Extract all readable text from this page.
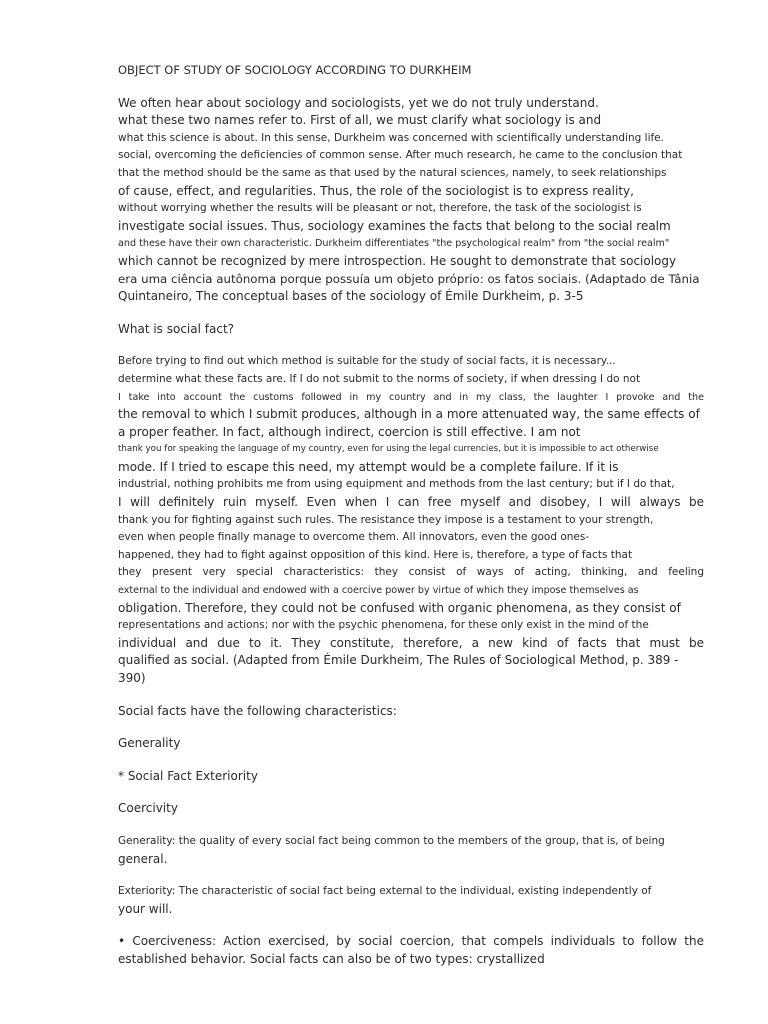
OBJECT OF STUDY OF SOCIOLOGY ACCORDING TO DURKHEIM
We often hear about sociology and sociologists, yet we do not truly understand.
what these two names refer to. First of all, we must clarify what sociology is and
what this science is about. In this sense, Durkheim was concerned with scientifically understanding life.
social, overcoming the deficiencies of common sense. After much research, he came to the conclusion that
that the method should be the same as that used by the natural sciences, namely, to seek relationships
of cause, effect, and regularities. Thus, the role of the sociologist is to express reality,
without worrying whether the results will be pleasant or not, therefore, the task of the sociologist is
investigate social issues. Thus, sociology examines the facts that belong to the social realm
and these have their own characteristic. Durkheim differentiates "the psychological realm" from "the social realm"
which cannot be recognized by mere introspection. He sought to demonstrate that sociology
era uma ciência autônoma porque possuía um objeto próprio: os fatos sociais. (Adaptado de Tânia
Quintaneiro, The conceptual bases of the sociology of Émile Durkheim, p. 3-5
What is social fact?
Before trying to find out which method is suitable for the study of social facts, it is necessary...
determine what these facts are. If I do not submit to the norms of society, if when dressing I do not
I take into account the customs followed in my country and in my class, the laughter I provoke and the
the removal to which I submit produces, although in a more attenuated way, the same effects of
a proper feather. In fact, although indirect, coercion is still effective. I am not
thank you for speaking the language of my country, even for using the legal currencies, but it is impossible to act otherwise
mode. If I tried to escape this need, my attempt would be a complete failure. If it is
industrial, nothing prohibits me from using equipment and methods from the last century; but if I do that,
I will definitely ruin myself. Even when I can free myself and disobey, I will always be
thank you for fighting against such rules. The resistance they impose is a testament to your strength,
even when people finally manage to overcome them. All innovators, even the good ones-
happened, they had to fight against opposition of this kind. Here is, therefore, a type of facts that
they present very special characteristics: they consist of ways of acting, thinking, and feeling
external to the individual and endowed with a coercive power by virtue of which they impose themselves as
obligation. Therefore, they could not be confused with organic phenomena, as they consist of
representations and actions; nor with the psychic phenomena, for these only exist in the mind of the
individual and due to it. They constitute, therefore, a new kind of facts that must be
qualified as social. (Adapted from Émile Durkheim, The Rules of Sociological Method, p. 389 -
390)
Social facts have the following characteristics:
Generality
* Social Fact Exteriority
Coercivity
Generality: the quality of every social fact being common to the members of the group, that is, of being
general.
Exteriority: The characteristic of social fact being external to the individual, existing independently of
your will.
• Coerciveness: Action exercised, by social coercion, that compels individuals to follow the
established behavior. Social facts can also be of two types: crystallized
